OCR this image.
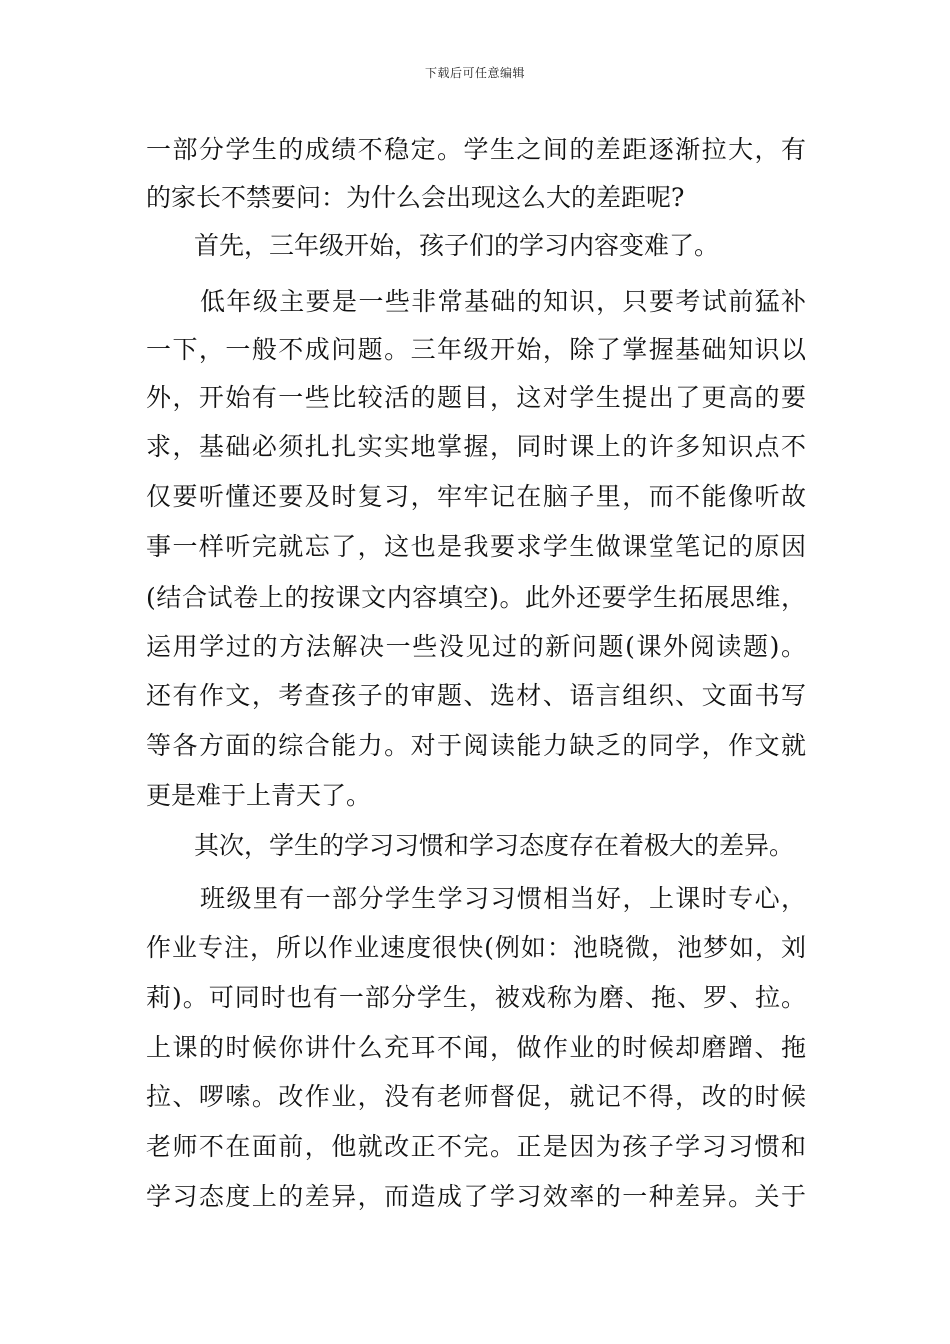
下载后可任意编辑
一部分学生的成绩不稳定。学生之间的差距逐渐拉大，有
的家长不禁要问：为什么会出现这么大的差距呢?
首先，三年级开始，孩子们的学习内容变难了。
低年级主要是一些非常基础的知识，只要考试前猛补
一下，一般不成问题。三年级开始，除了掌握基础知识以
外，开始有一些比较活的题目，这对学生提出了更高的要
求，基础必须扎扎实实地掌握，同时课上的许多知识点不
仅要听懂还要及时复习，牢牢记在脑子里，而不能像听故
事一样听完就忘了，这也是我要求学生做课堂笔记的原因
(结合试卷上的按课文内容填空)。此外还要学生拓展思维，
运用学过的方法解决一些没见过的新问题(课外阅读题)。
还有作文，考查孩子的审题、选材、语言组织、文面书写
等各方面的综合能力。对于阅读能力缺乏的同学，作文就
更是难于上青天了。
其次，学生的学习习惯和学习态度存在着极大的差异。
班级里有一部分学生学习习惯相当好，上课时专心，
作业专注，所以作业速度很快(例如：池晓微，池梦如，刘
莉)。可同时也有一部分学生，被戏称为磨、拖、罗、拉。
上课的时候你讲什么充耳不闻，做作业的时候却磨蹭、拖
拉、啰嗦。改作业，没有老师督促，就记不得，改的时候
老师不在面前，他就改正不完。正是因为孩子学习习惯和
学习态度上的差异，而造成了学习效率的一种差异。关于
